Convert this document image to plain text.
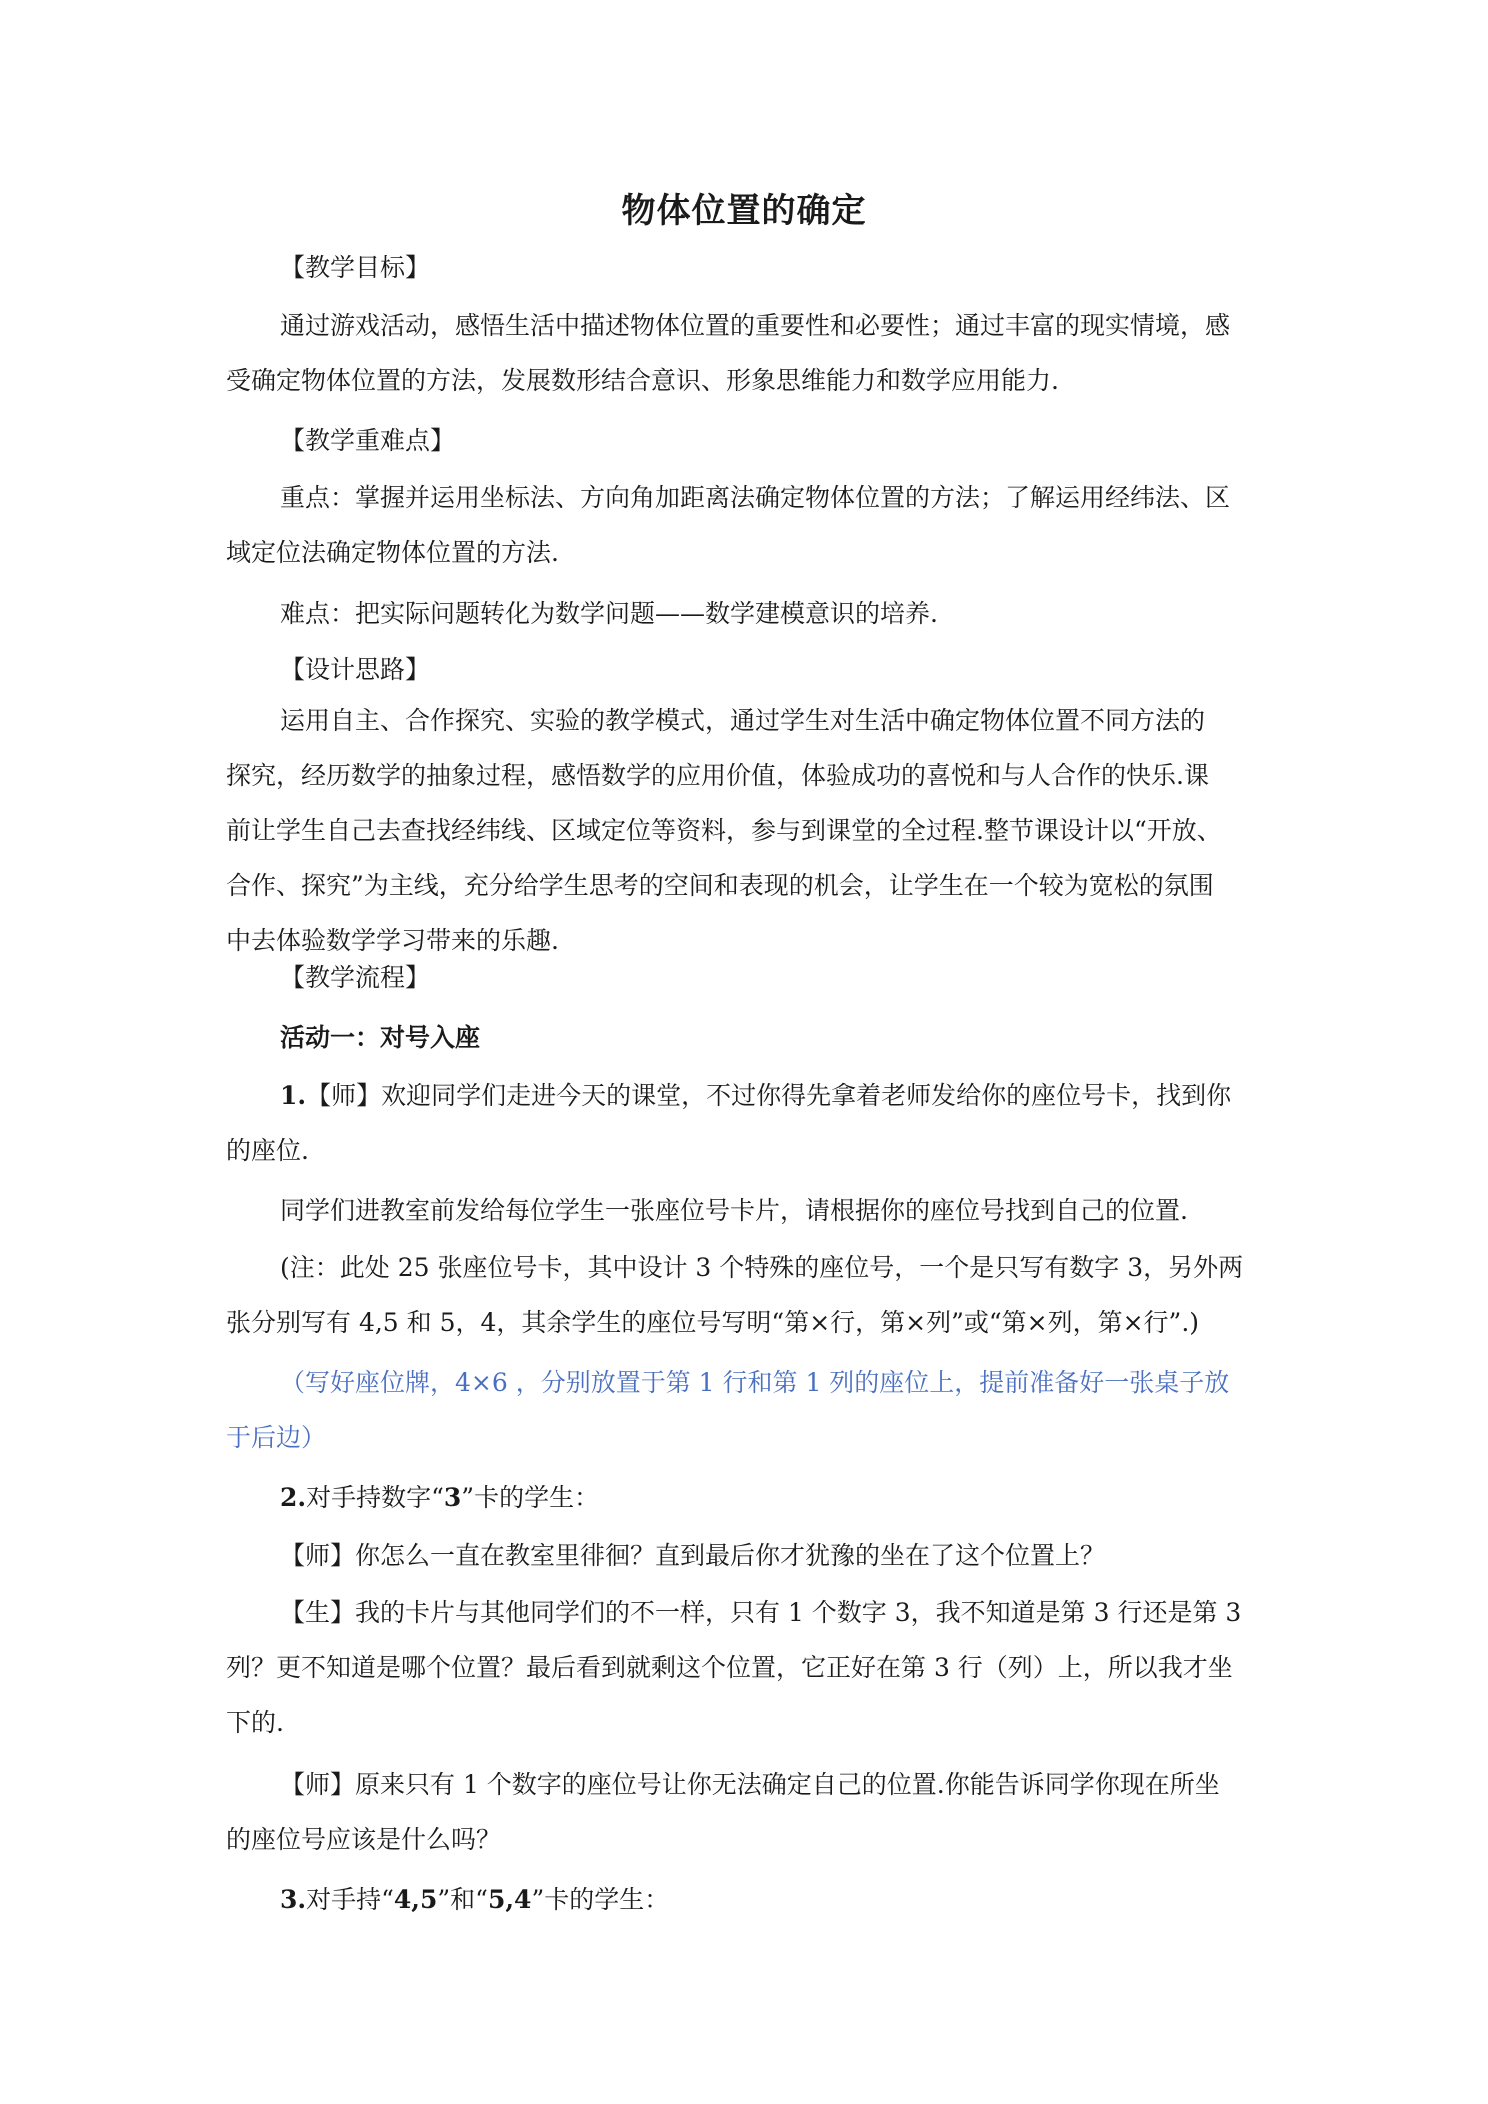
物体位置的确定

【教学目标】

通过游戏活动，感悟生活中描述物体位置的重要性和必要性；通过丰富的现实情境，感
受确定物体位置的方法，发展数形结合意识、形象思维能力和数学应用能力.

【教学重难点】

重点：掌握并运用坐标法、方向角加距离法确定物体位置的方法；了解运用经纬法、区
域定位法确定物体位置的方法.

难点：把实际问题转化为数学问题——数学建模意识的培养.

【设计思路】

运用自主、合作探究、实验的教学模式，通过学生对生活中确定物体位置不同方法的
探究，经历数学的抽象过程，感悟数学的应用价值，体验成功的喜悦和与人合作的快乐.课
前让学生自己去查找经纬线、区域定位等资料，参与到课堂的全过程.整节课设计以“开放、
合作、探究”为主线，充分给学生思考的空间和表现的机会，让学生在一个较为宽松的氛围
中去体验数学学习带来的乐趣.

【教学流程】

活动一：对号入座

1.【师】欢迎同学们走进今天的课堂，不过你得先拿着老师发给你的座位号卡，找到你
的座位.

同学们进教室前发给每位学生一张座位号卡片，请根据你的座位号找到自己的位置.

(注：此处 25 张座位号卡，其中设计 3 个特殊的座位号，一个是只写有数字 3，另外两
张分别写有 4,5 和 5，4，其余学生的座位号写明“第×行，第×列”或“第×列，第×行”.)

（写好座位牌，4×6 ，分别放置于第 1 行和第 1 列的座位上，提前准备好一张桌子放
于后边）

2.对手持数字“3”卡的学生：

【师】你怎么一直在教室里徘徊？直到最后你才犹豫的坐在了这个位置上？

【生】我的卡片与其他同学们的不一样，只有 1 个数字 3，我不知道是第 3 行还是第 3
列？更不知道是哪个位置？最后看到就剩这个位置，它正好在第 3 行（列）上，所以我才坐
下的.

【师】原来只有 1 个数字的座位号让你无法确定自己的位置.你能告诉同学你现在所坐
的座位号应该是什么吗？

3.对手持“4,5”和“5,4”卡的学生：
